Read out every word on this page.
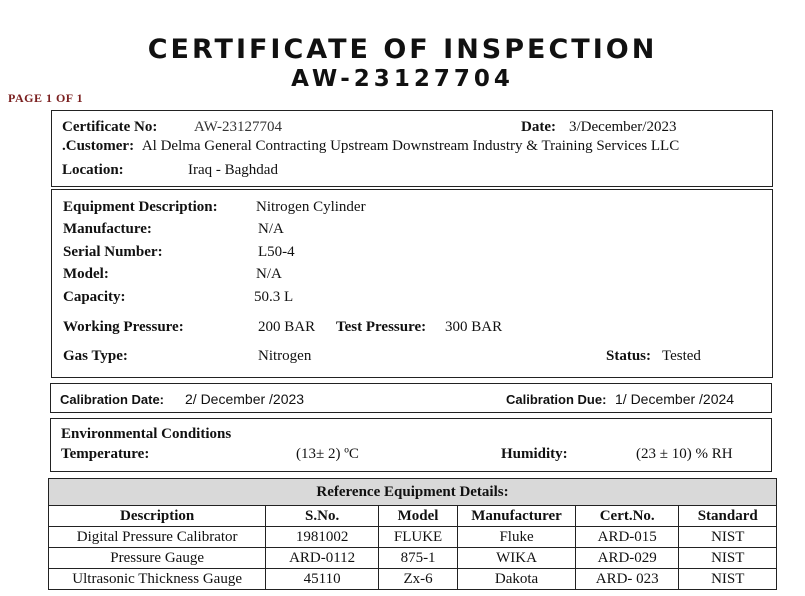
CERTIFICATE OF INSPECTION
AW-23127704
PAGE 1 OF 1
Certificate No: AW-23127704	Date: 3/December/2023
.Customer: Al Delma General Contracting Upstream Downstream Industry & Training Services LLC
Location:	Iraq - Baghdad
Equipment Description:	Nitrogen Cylinder
Manufacture:	N/A
Serial Number:	L50-4
Model:	N/A
Capacity:	50.3 L
Working Pressure:	200 BAR Test Pressure: 300 BAR
Gas Type:	Nitrogen	Status: Tested
Calibration Date: 2/ December /2023	Calibration Due: 1/ December /2024
Environmental Conditions
Temperature:	(13± 2) ºC	Humidity:	(23 ± 10) % RH
Reference Equipment Details:					
Description	S.No.	Model	Manufacturer	Cert.No.	Standard
Digital Pressure Calibrator	1981002	FLUKE	Fluke	ARD-015	NIST
Pressure Gauge	ARD-0112	875-1	WIKA	ARD-029	NIST
Ultrasonic Thickness Gauge	45110	Zx-6	Dakota	ARD- 023	NIST
